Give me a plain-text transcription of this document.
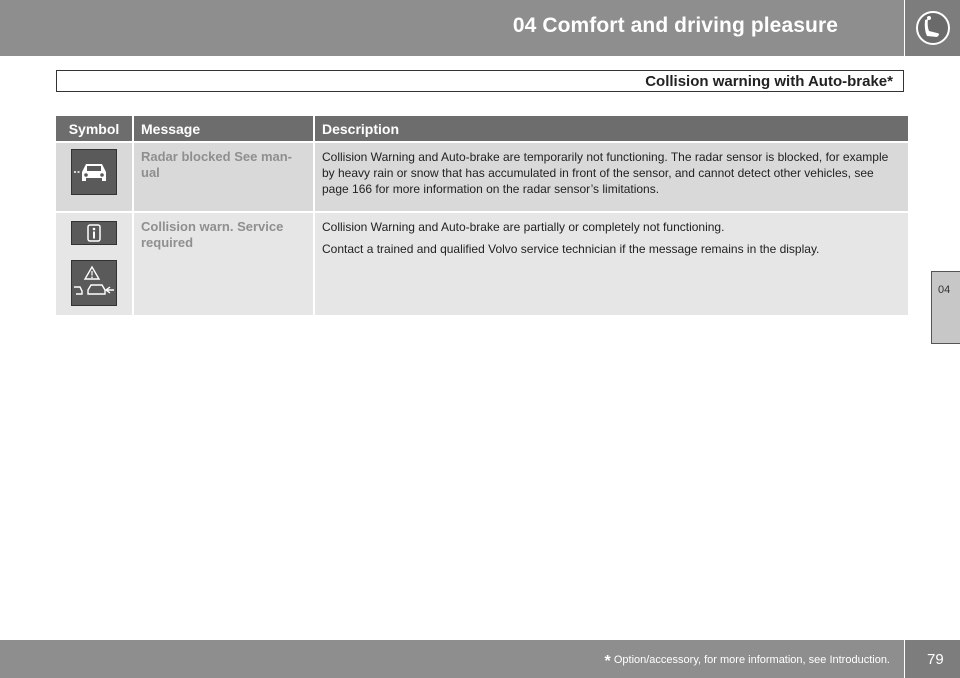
04 Comfort and driving pleasure
Collision warning with Auto-brake*
04
Symbol	Message	Description
	Radar blocked See man-ual	Collision Warning and Auto-brake are temporarily not functioning. The radar sensor is blocked, for example by heavy rain or snow that has accumulated in front of the sensor, and cannot detect other vehicles, see page 166 for more information on the radar sensor’s limitations.

	Collision warn. Service required	Collision Warning and Auto-brake are partially or completely not functioning.

Contact a trained and qualified Volvo service technician if the message remains in the display.

* Option/accessory, for more information, see Introduction. 79
